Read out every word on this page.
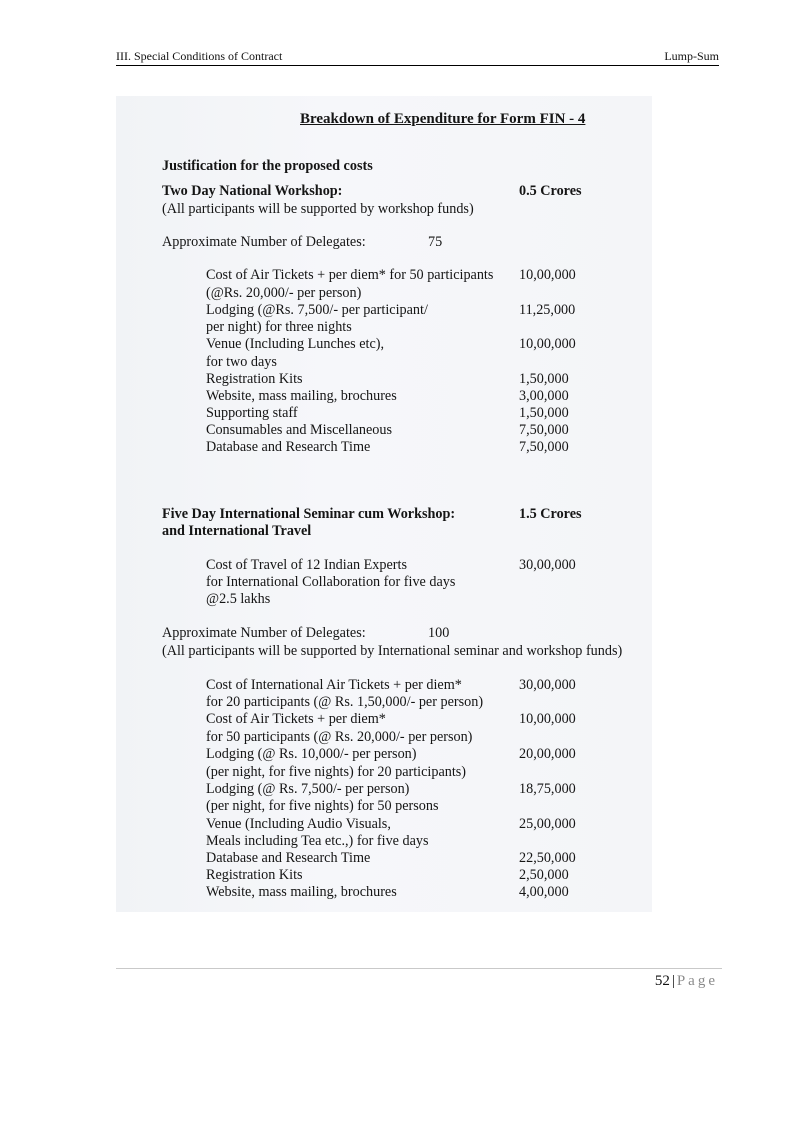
III. Special Conditions of Contract	Lump-Sum
Breakdown of Expenditure for Form FIN - 4
Justification for the proposed costs
Two Day National Workshop:	0.5 Crores
(All participants will be supported by workshop funds)
Approximate Number of Delegates:	75
Cost of Air Tickets + per diem* for 50 participants
(@Rs. 20,000/- per person)
10,00,000
Lodging (@Rs. 7,500/- per participant/
per night) for three nights
11,25,000
Venue (Including Lunches etc),
for two days
10,00,000
Registration Kits	1,50,000
Website, mass mailing, brochures	3,00,000
Supporting staff	1,50,000
Consumables and Miscellaneous	7,50,000
Database and Research Time	7,50,000
Five Day International Seminar cum Workshop:
and International Travel
1.5 Crores
Cost of Travel of 12 Indian Experts
for International Collaboration for five days
@2.5 lakhs
30,00,000
Approximate Number of Delegates:	100
(All participants will be supported by International seminar and workshop funds)
Cost of International Air Tickets + per diem*
for 20 participants (@ Rs. 1,50,000/- per person)
30,00,000
Cost of Air Tickets + per diem*
for 50 participants (@ Rs. 20,000/- per person)
10,00,000
Lodging (@ Rs. 10,000/- per person)
(per night, for five nights) for 20 participants)
20,00,000
Lodging (@ Rs. 7,500/- per person)
(per night, for five nights) for 50 persons
18,75,000
Venue (Including Audio Visuals,
Meals including Tea etc.,) for five days
25,00,000
Database and Research Time	22,50,000
Registration Kits	2,50,000
Website, mass mailing, brochures	4,00,000
52 | Page
